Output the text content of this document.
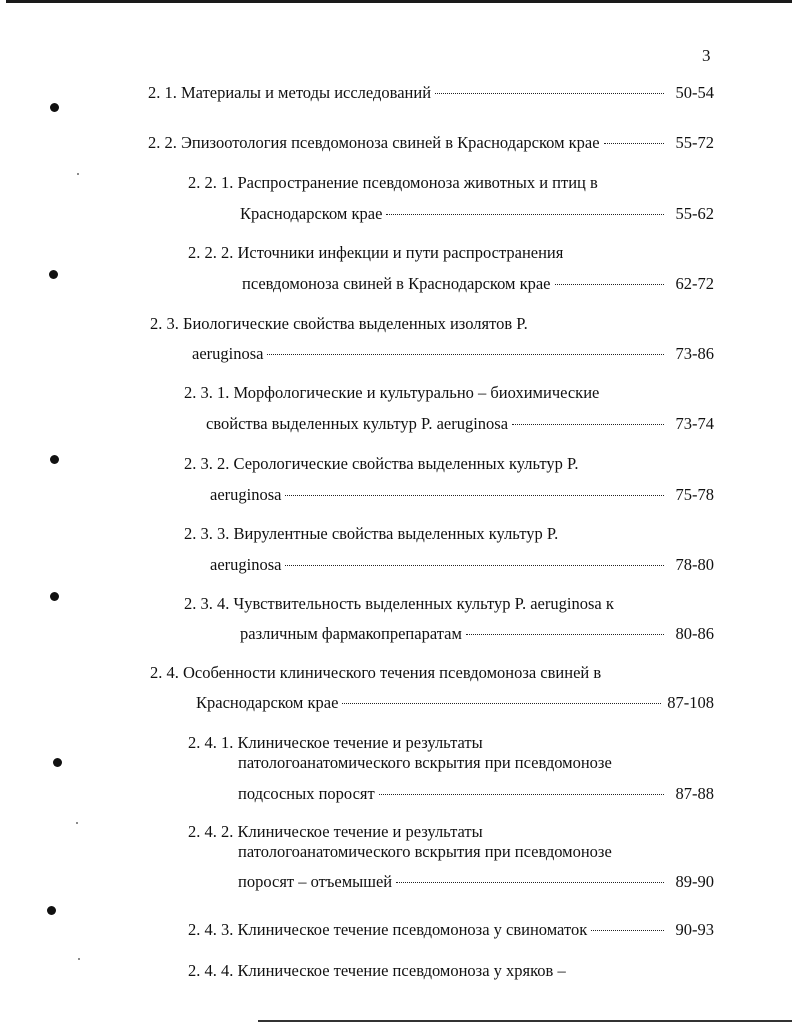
3
2. 1. Материалы и методы исследований	50-54
2. 2. Эпизоотология псевдомоноза свиней в Краснодарском крае	55-72
2. 2. 1. Распространение псевдомоноза животных и птиц в
Краснодарском крае	55-62
2. 2. 2. Источники инфекции и пути распространения
псевдомоноза свиней в Краснодарском крае	62-72
2. 3. Биологические свойства выделенных изолятов P.
aeruginosa	73-86
2. 3. 1. Морфологические и культурально – биохимические
свойства выделенных культур P. aeruginosa	73-74
2. 3. 2. Серологические свойства выделенных культур P.
aeruginosa	75-78
2. 3. 3. Вирулентные свойства выделенных культур P.
aeruginosa	78-80
2. 3. 4. Чувствительность выделенных культур P. aeruginosa к
различным фармакопрепаратам	80-86
2. 4. Особенности клинического течения псевдомоноза свиней в
Краснодарском крае	87-108
2. 4. 1. Клиническое течение и результаты
патологоанатомического вскрытия при псевдомонозе
подсосных поросят	87-88
2. 4. 2. Клиническое течение и результаты
патологоанатомического вскрытия при псевдомонозе
поросят – отъемышей	89-90
2. 4. 3. Клиническое течение псевдомоноза у свиноматок	90-93
2. 4. 4. Клиническое течение псевдомоноза у хряков –
